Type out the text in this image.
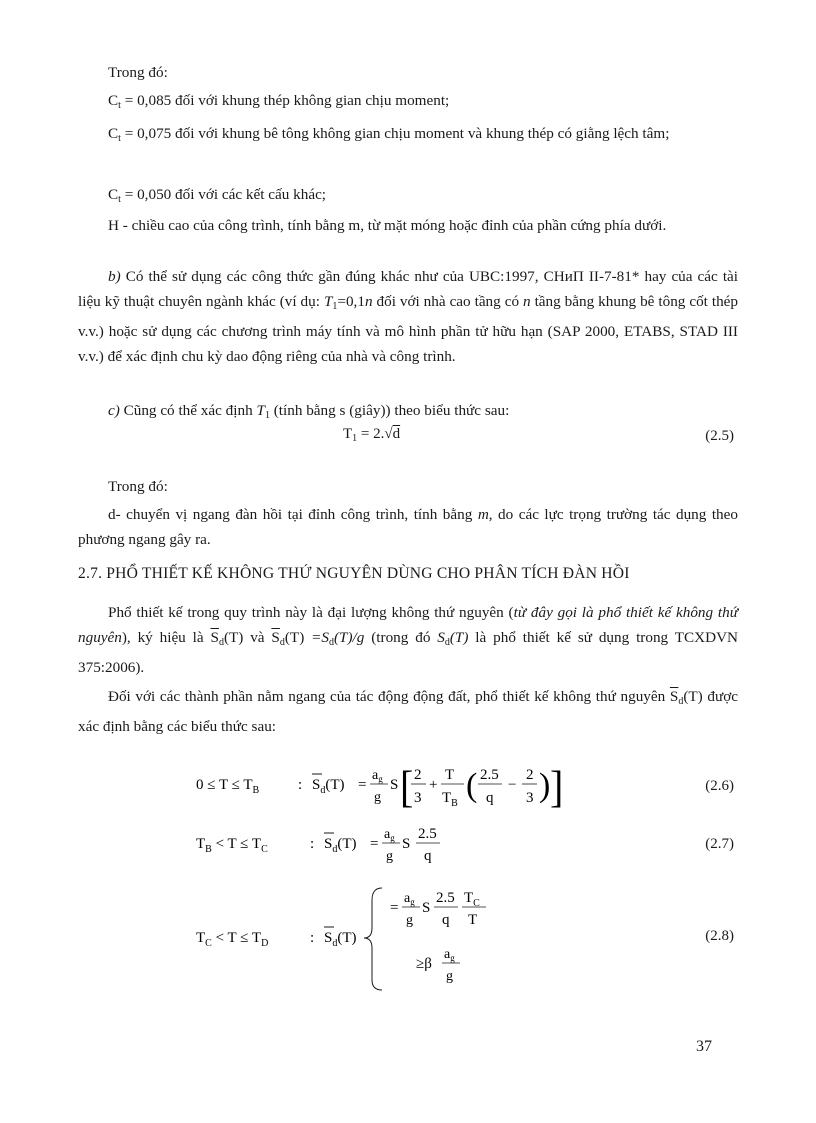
Trong đó:

$C_t = 0,085$ đối với khung thép không gian chịu moment;

$C_t = 0,075$ đối với khung bê tông không gian chịu moment và khung thép có giằng lệch tâm;

$C_t = 0,050$ đối với các kết cấu khác;

H - chiều cao của công trình, tính bằng m, từ mặt móng hoặc đỉnh của phần cứng phía dưới.

b) Có thể sử dụng các công thức gần đúng khác như của UBC:1997, CHиП II-7-81* hay của các tài liệu kỹ thuật chuyên ngành khác (ví dụ: $T_1=0,1n$ đối với nhà cao tầng có n tầng bằng khung bê tông cốt thép v.v.) hoặc sử dụng các chương trình máy tính và mô hình phần tử hữu hạn (SAP 2000, ETABS, STAD III v.v.) để xác định chu kỳ dao động riêng của nhà và công trình.

c) Cũng có thể xác định $T_1$ (tính bằng s (giây)) theo biểu thức sau:

$T_1 = 2.√d$	(2.5)

Trong đó:

d- chuyển vị ngang đàn hồi tại đỉnh công trình, tính bằng m, do các lực trọng trường tác dụng theo phương ngang gây ra.

2.7. PHỔ THIẾT KẾ KHÔNG THỨ NGUYÊN DÙNG CHO PHÂN TÍCH ĐÀN HỒI

Phổ thiết kế trong quy trình này là đại lượng không thứ nguyên (từ đây gọi là phổ thiết kế không thứ nguyên), ký hiệu là $\overline{S}_d(T)$ và $\overline{S}_d(T) =S_d(T)/g$ (trong đó $S_d(T)$ là phổ thiết kế sử dụng trong TCXDVN 375:2006).

Đối với các thành phần nằm ngang của tác động động đất, phổ thiết kế không thứ nguyên $\overline{S}_d(T)$ được xác định bằng các biểu thức sau:

$0 \le T \le T_B$	: $S_d(T)$ =
$a_g$
g
S [ 2
3
+
T
$T_B$ ( 2.5
q
−
2
3 ) ]	(2.6)
$T_B < T \le T_C$	: $S_d(T)$ =
$a_g$
g
S
2.5
q
(2.7)
$T_C < T \le T_D$	: $S_d(T)$
=
$a_g$
g
S
2.5
q
$T_C$
T
≥β
$a_g$
g
(2.8)
37
